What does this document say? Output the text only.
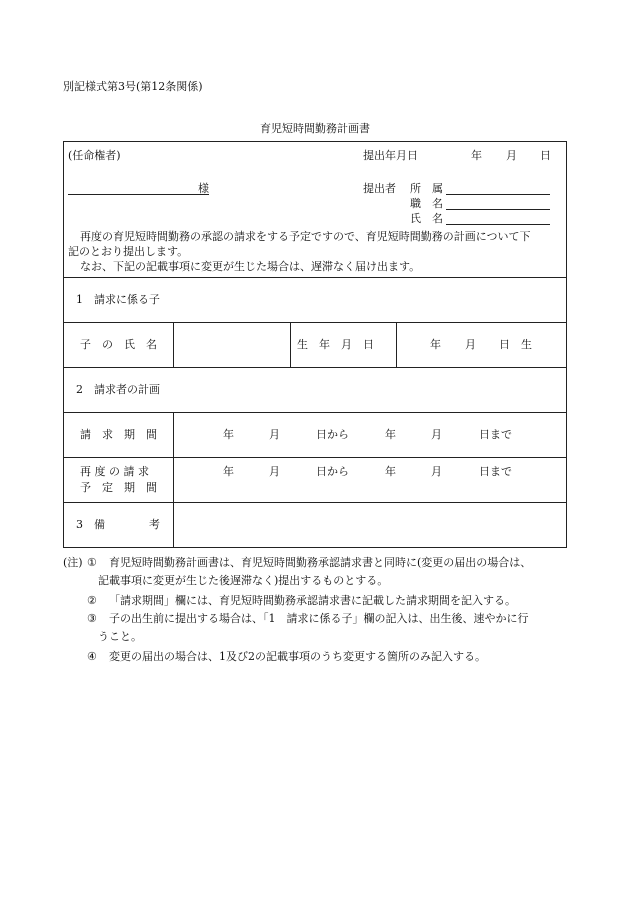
別記様式第3号(第12条関係)
育児短時間勤務計画書
(任命権者)	提出年月日	年 月 日
様	提出者 所　属
職　名
氏　名
再度の育児短時間勤務の承認の請求をする予定ですので、育児短時間勤務の計画について下
記のとおり提出します。
なお、下記の記載事項に変更が生じた場合は、遅滞なく届け出ます。
1　請求に係る子
子　の　氏　名	生　年　月　日	年 月 日　生
2　請求者の計画
請　求　期　間	年	月	日から	年	月	日まで
再 度 の 請 求
予　定　期　間
年	月	日から	年	月	日まで
3　備　　　　考
(注) ① 育児短時間勤務計画書は、育児短時間勤務承認請求書と同時に(変更の届出の場合は、
記載事項に変更が生じた後遅滞なく)提出するものとする。
② 「請求期間」欄には、育児短時間勤務承認請求書に記載した請求期間を記入する。
③ 子の出生前に提出する場合は、「1　請求に係る子」欄の記入は、出生後、速やかに行
うこと。
④ 変更の届出の場合は、1及び2の記載事項のうち変更する箇所のみ記入する。
